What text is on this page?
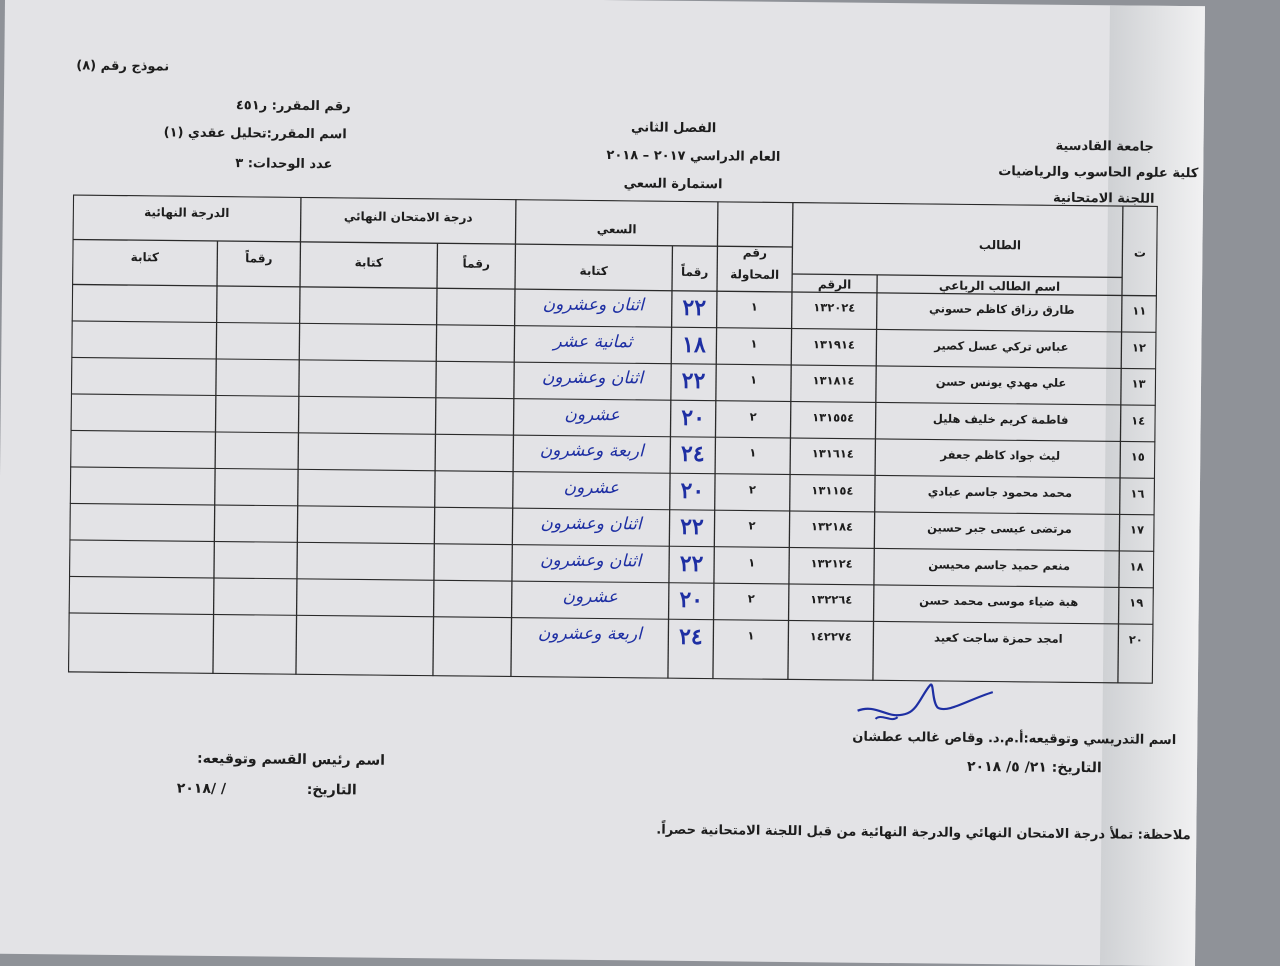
نموذج رقم (٨)
رقم المقرر: ر٤٥١
اسم المقرر:تحليل عقدي (١)
عدد الوحدات: ٣
الفصل الثاني
العام الدراسي ٢٠١٧ – ٢٠١٨
استمارة السعي
جامعة القادسية
كلية علوم الحاسوب والرياضيات
اللجنة الامتحانية
ت
الطالب
اسم الطالب الرباعي
الرقم
رقم المحاولة
السعي
رقماً
كتابة
درجة الامتحان النهائي
رقماً
كتابة
الدرجة النهائية
رقماً
كتابة
١١
طارق رزاق كاظم حسوني
١٣٢٠٢٤
١
٢٢
اثنان وعشرون
١٢
عباس تركي عسل كصير
١٣١٩١٤
١
١٨
ثمانية عشر
١٣
علي مهدي يونس حسن
١٣١٨١٤
١
٢٢
اثنان وعشرون
١٤
فاطمة كريم خليف هليل
١٣١٥٥٤
٢
٢٠
عشرون
١٥
ليث جواد كاظم جعفر
١٣١٦١٤
١
٢٤
اربعة وعشرون
١٦
محمد محمود جاسم عبادي
١٣١١٥٤
٢
٢٠
عشرون
١٧
مرتضى عيسى جبر حسين
١٣٢١٨٤
٢
٢٢
اثنان وعشرون
١٨
منعم حميد جاسم محيسن
١٣٢١٢٤
١
٢٢
اثنان وعشرون
١٩
هبة ضياء موسى محمد حسن
١٣٢٢٦٤
٢
٢٠
عشرون
٢٠
امجد حمزة ساجت كعيد
١٤٢٢٧٤
١
٢٤
اربعة وعشرون
اسم التدريسي وتوقيعه:أ.م.د. وقاص غالب عطشان
التاريخ: ٢١/ ٥/ ٢٠١٨
اسم رئيس القسم وتوقيعه:
التاريخ:
/ /٢٠١٨
ملاحظة: تملأ درجة الامتحان النهائي والدرجة النهائية من قبل اللجنة الامتحانية حصراً.
